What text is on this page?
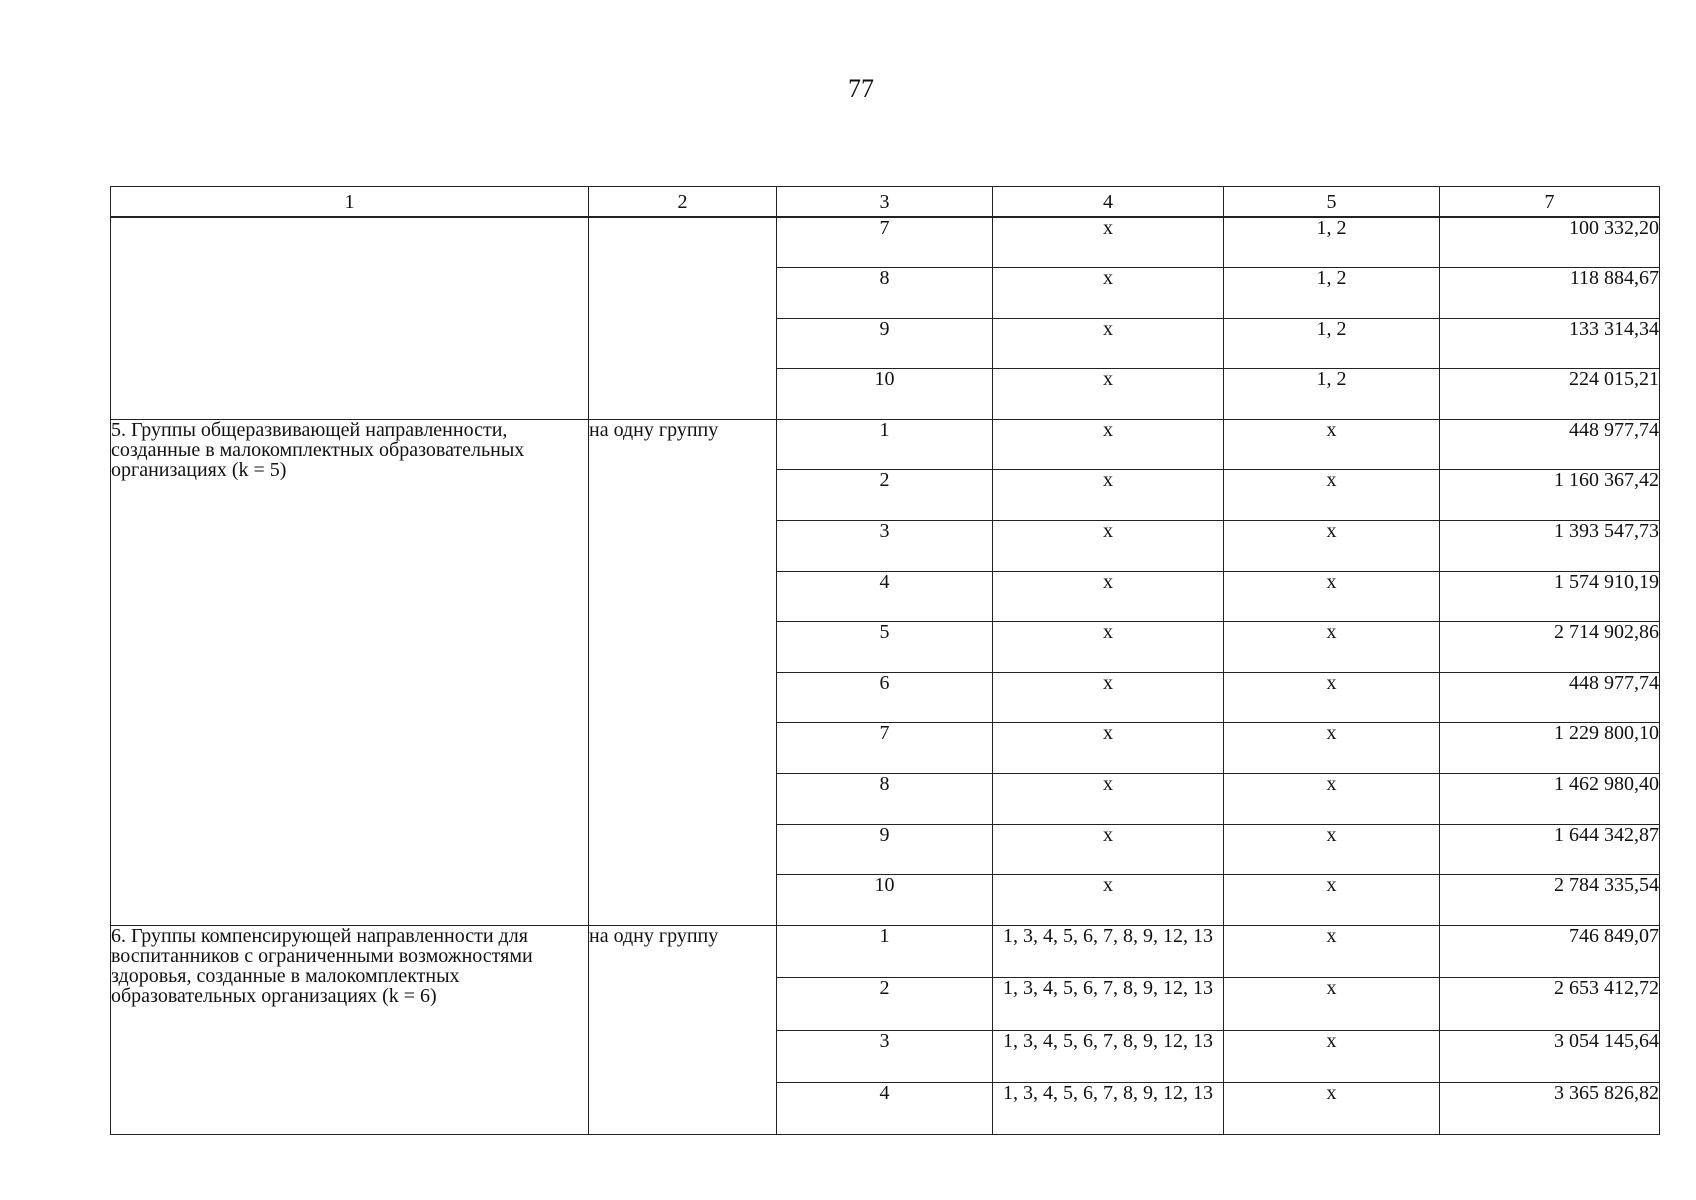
77
1	2	3	4	5	7
		7	x	1, 2	100 332,20
		8	x	1, 2	118 884,67
		9	x	1, 2	133 314,34
		10	x	1, 2	224 015,21
5. Группы общеразвивающей направленности, созданные в малокомплектных образовательных организациях (k = 5)	на одну группу	1	x	x	448 977,74
		2	x	x	1 160 367,42
		3	x	x	1 393 547,73
		4	x	x	1 574 910,19
		5	x	x	2 714 902,86
		6	x	x	448 977,74
		7	x	x	1 229 800,10
		8	x	x	1 462 980,40
		9	x	x	1 644 342,87
		10	x	x	2 784 335,54
6. Группы компенсирующей направленности для воспитанников с ограниченными возможностями здоровья, созданные в малокомплектных образовательных организациях (k = 6)	на одну группу	1	1, 3, 4, 5, 6, 7, 8, 9, 12, 13	x	746 849,07
		2	1, 3, 4, 5, 6, 7, 8, 9, 12, 13	x	2 653 412,72
		3	1, 3, 4, 5, 6, 7, 8, 9, 12, 13	x	3 054 145,64
		4	1, 3, 4, 5, 6, 7, 8, 9, 12, 13	x	3 365 826,82
